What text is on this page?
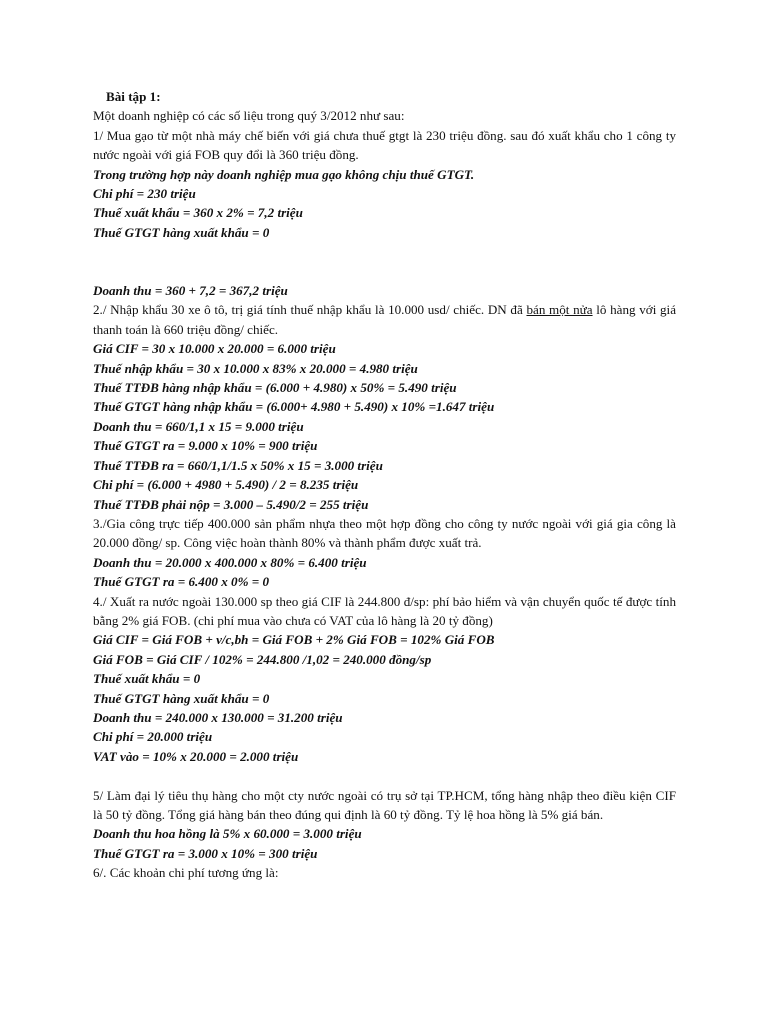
Bài tập 1:
Một doanh nghiệp có các số liệu trong quý 3/2012 như sau:
1/ Mua gạo từ một nhà máy chế biến với giá chưa thuế gtgt là 230 triệu đồng. sau đó xuất khẩu cho 1 công ty nước ngoài với giá FOB quy đổi là 360 triệu đồng.
Trong trường hợp này doanh nghiệp mua gạo không chịu thuế GTGT.
Chi phí = 230 triệu
Thuế xuất khẩu = 360 x 2% = 7,2 triệu
Thuế GTGT hàng xuất khẩu = 0
Doanh thu = 360 + 7,2 = 367,2 triệu
2./ Nhập khẩu 30 xe ô tô, trị giá tính thuế nhập khẩu là 10.000 usd/ chiếc. DN đã bán một nửa lô hàng với giá thanh toán là 660 triệu đồng/ chiếc.
Giá CIF = 30 x 10.000 x 20.000 = 6.000 triệu
Thuế nhập khẩu = 30 x 10.000 x 83% x 20.000 = 4.980 triệu
Thuế TTĐB hàng nhập khẩu = (6.000 + 4.980) x 50% = 5.490 triệu
Thuế GTGT hàng nhập khẩu = (6.000+ 4.980 + 5.490) x 10% =1.647 triệu
Doanh thu = 660/1,1 x 15 = 9.000 triệu
Thuế GTGT ra = 9.000 x 10% = 900 triệu
Thuế TTĐB ra = 660/1,1/1.5 x 50% x 15 = 3.000 triệu
Chi phí = (6.000 + 4980 + 5.490) / 2 = 8.235 triệu
Thuế TTĐB phải nộp = 3.000 – 5.490/2 = 255 triệu
3./Gia công trực tiếp 400.000 sản phẩm nhựa theo một hợp đồng cho công ty nước ngoài với giá gia công là 20.000 đồng/ sp. Công việc hoàn thành 80% và thành phẩm được xuất trả.
Doanh thu = 20.000 x 400.000 x 80% = 6.400 triệu
Thuế GTGT ra = 6.400 x 0% = 0
4./ Xuất ra nước ngoài 130.000 sp theo giá CIF là 244.800 đ/sp: phí bảo hiểm và vận chuyển quốc tế được tính bằng 2% giá FOB. (chi phí mua vào chưa có VAT của lô hàng là 20 tỷ đồng)
Giá CIF = Giá FOB + v/c,bh = Giá FOB + 2% Giá FOB = 102% Giá FOB
Giá FOB = Giá CIF / 102% = 244.800 /1,02 = 240.000 đồng/sp
Thuế xuất khẩu = 0
Thuế GTGT hàng xuất khẩu = 0
Doanh thu = 240.000 x 130.000 = 31.200 triệu
Chi phí = 20.000 triệu
VAT vào = 10% x 20.000 = 2.000 triệu
5/ Làm đại lý tiêu thụ hàng cho một cty nước ngoài có trụ sở tại TP.HCM, tổng hàng nhập theo điều kiện CIF là 50 tỷ đồng. Tổng giá hàng bán theo đúng qui định là 60 tỷ đồng. Tỷ lệ hoa hồng là 5% giá bán.
Doanh thu hoa hồng là 5% x 60.000 = 3.000 triệu
Thuế GTGT ra = 3.000 x 10% = 300 triệu
6/. Các khoản chi phí tương ứng là:
